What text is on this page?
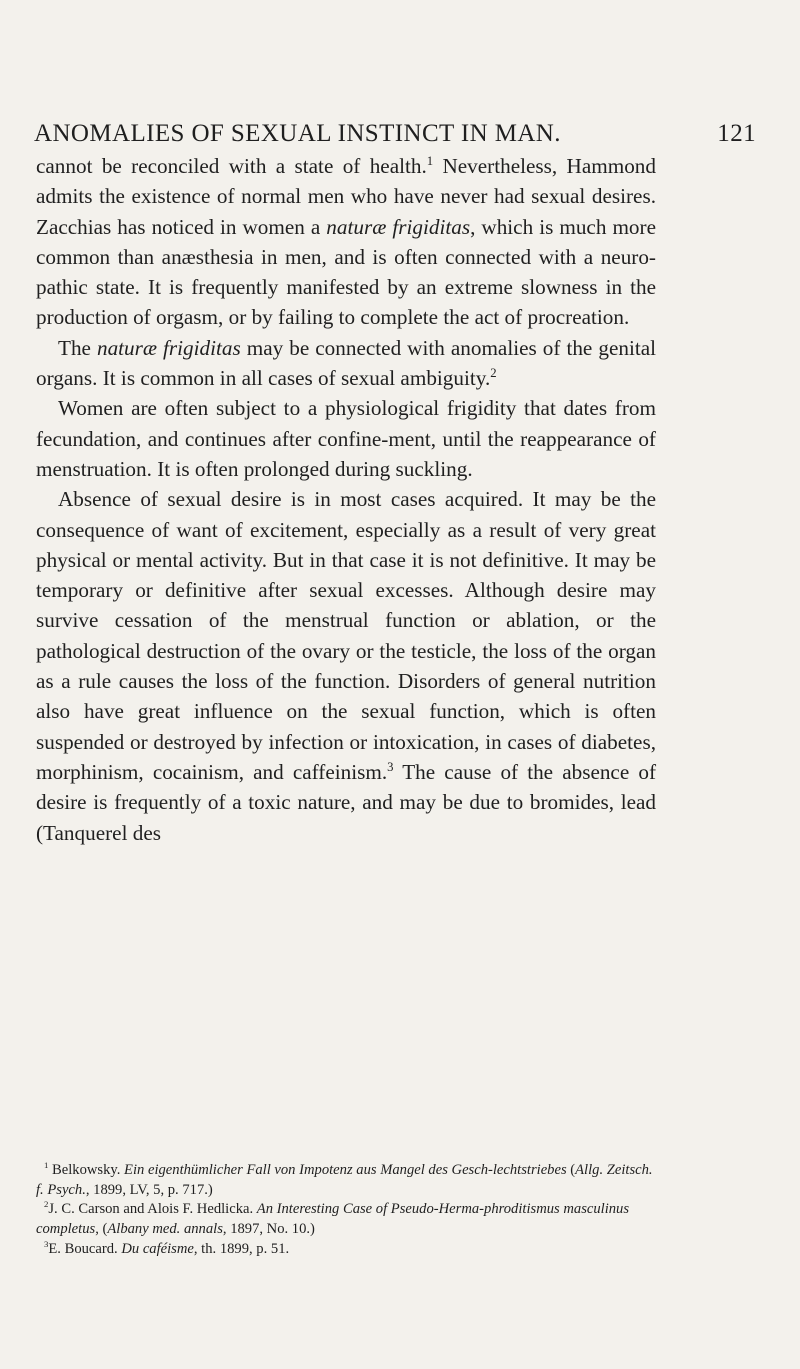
ANOMALIES OF SEXUAL INSTINCT IN MAN.	121

cannot be reconciled with a state of health.$^1$ Nevertheless, Hammond admits the existence of normal men who have never had sexual desires. Zacchias has noticed in women a naturæ frigiditas, which is much more common than anæsthesia in men, and is often connected with a neuro-pathic state. It is frequently manifested by an extreme slowness in the production of orgasm, or by failing to complete the act of procreation.

The naturæ frigiditas may be connected with anomalies of the genital organs. It is common in all cases of sexual ambiguity.$^2$

Women are often subject to a physiological frigidity that dates from fecundation, and continues after confine-ment, until the reappearance of menstruation. It is often prolonged during suckling.

Absence of sexual desire is in most cases acquired. It may be the consequence of want of excitement, especially as a result of very great physical or mental activity. But in that case it is not definitive. It may be temporary or definitive after sexual excesses. Although desire may survive cessation of the menstrual function or ablation, or the pathological destruction of the ovary or the testicle, the loss of the organ as a rule causes the loss of the function. Disorders of general nutrition also have great influence on the sexual function, which is often suspended or destroyed by infection or intoxication, in cases of diabetes, morphinism, cocainism, and caffeinism.$^3$ The cause of the absence of desire is frequently of a toxic nature, and may be due to bromides, lead (Tanquerel des

$^1$ Belkowsky. Ein eigenthümlicher Fall von Impotenz aus Mangel des Gesch-lechtstriebes (Allg. Zeitsch. f. Psych., 1899, LV, 5, p. 717.)

$^2$J. C. Carson and Alois F. Hedlicka. An Interesting Case of Pseudo-Herma-phroditismus masculinus completus, (Albany med. annals, 1897, No. 10.)

$^3$E. Boucard. Du caféisme, th. 1899, p. 51.
